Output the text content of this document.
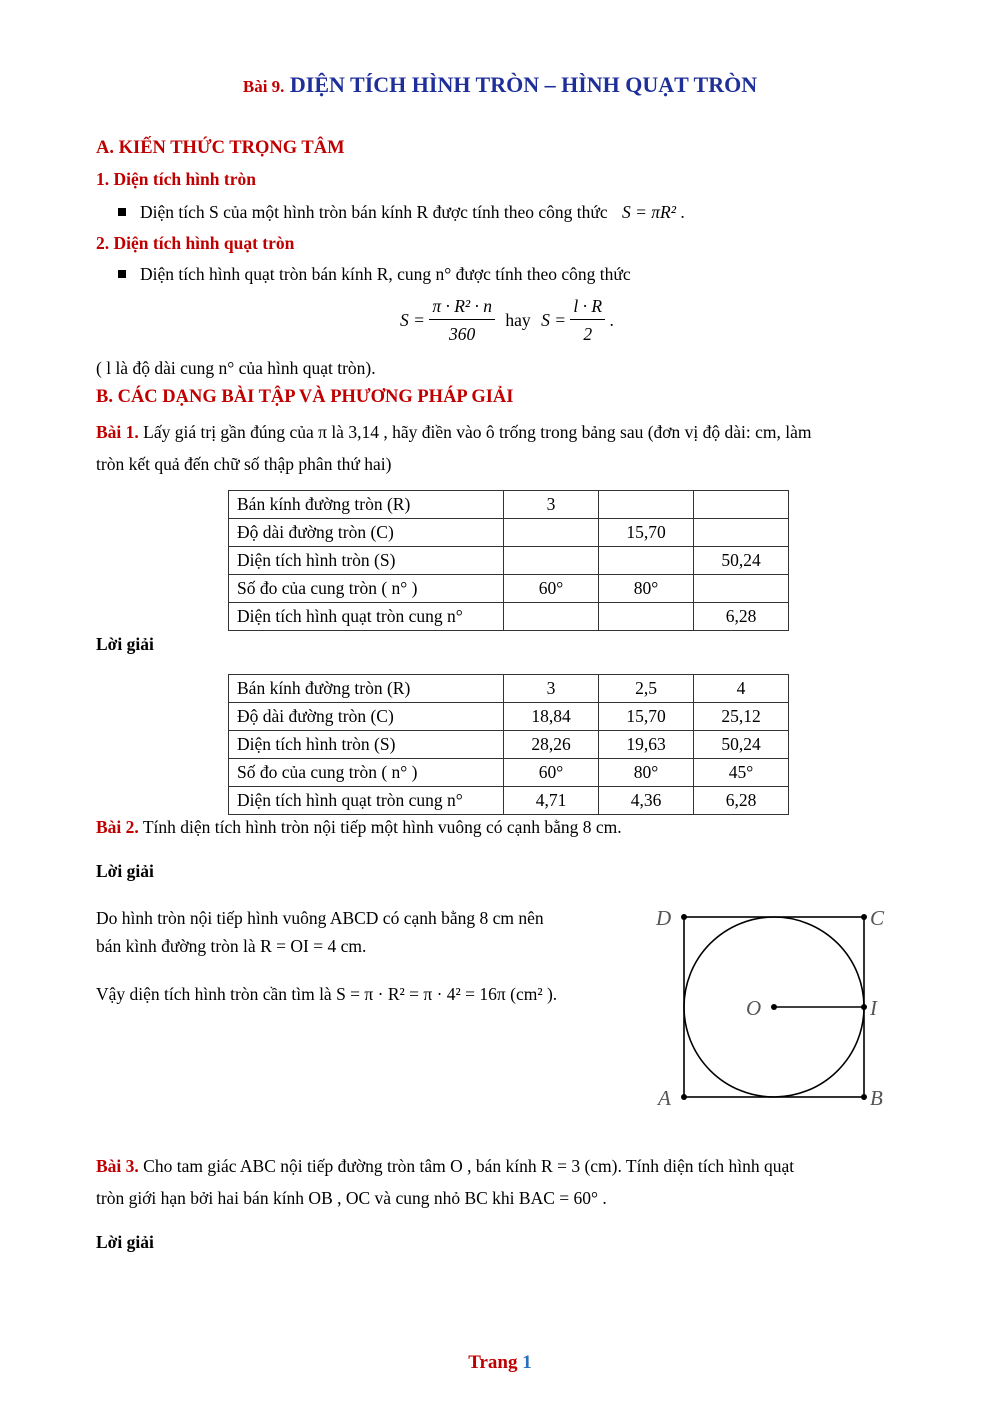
Bài 9. DIỆN TÍCH HÌNH TRÒN – HÌNH QUẠT TRÒN
A. KIẾN THỨC TRỌNG TÂM
1. Diện tích hình tròn
Diện tích S của một hình tròn bán kính R được tính theo công thức S = πR² .
2. Diện tích hình quạt tròn
Diện tích hình quạt tròn bán kính R, cung n° được tính theo công thức
$S = \frac{\text{π · R² · n}}{360}$ hay $S = \frac{l \cdot R}{2}$ .
( l là độ dài cung n° của hình quạt tròn).
B. CÁC DẠNG BÀI TẬP VÀ PHƯƠNG PHÁP GIẢI

Bài 1. Lấy giá trị gần đúng của π là 3,14 , hãy điền vào ô trống trong bảng sau (đơn vị độ dài: cm, làm

tròn kết quả đến chữ số thập phân thứ hai)

Bán kính đường tròn (R)	3		
Độ dài đường tròn (C)		15,70	
Diện tích hình tròn (S)			50,24
Số đo của cung tròn ( n° )	60°	80°	
Diện tích hình quạt tròn cung n°			6,28
Lời giải
Bán kính đường tròn (R)	3	2,5	4
Độ dài đường tròn (C)	18,84	15,70	25,12
Diện tích hình tròn (S)	28,26	19,63	50,24
Số đo của cung tròn ( n° )	60°	80°	45°
Diện tích hình quạt tròn cung n°	4,71	4,36	6,28
Bài 2. Tính diện tích hình tròn nội tiếp một hình vuông có cạnh bằng 8 cm.
Lời giải

Do hình tròn nội tiếp hình vuông ABCD có cạnh bằng 8 cm nên

bán kình đường tròn là R = OI = 4 cm.

Vậy diện tích hình tròn cần tìm là S = π · R² = π · 4² = 16π (cm² ).

D	C
O	I
A	B

Bài 3. Cho tam giác ABC nội tiếp đường tròn tâm O , bán kính R = 3 (cm). Tính diện tích hình quạt

tròn giới hạn bởi hai bán kính OB , OC và cung nhỏ BC khi BAC = 60° .

Lời giải
Trang 1
